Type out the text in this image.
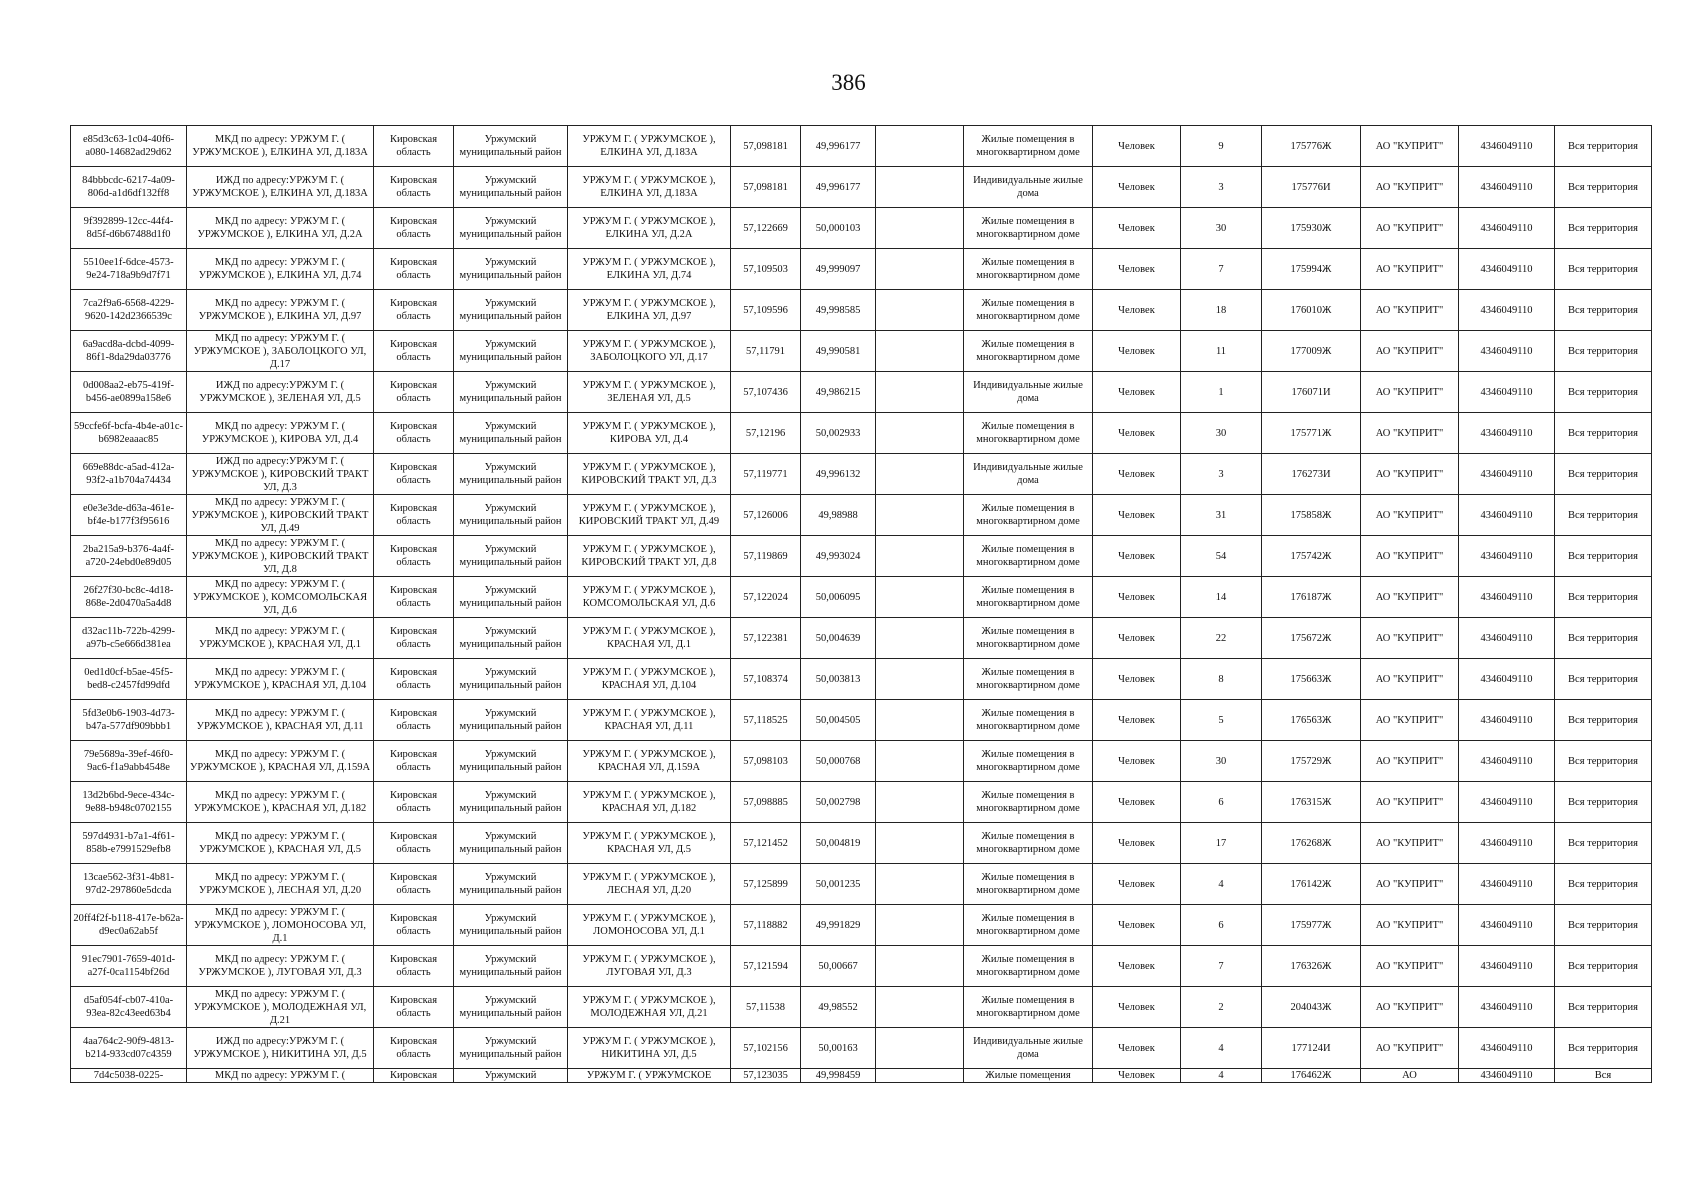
386
e85d3c63-1c04-40f6-a080-14682ad29d62	МКД по адресу: УРЖУМ Г. ( УРЖУМСКОЕ ), ЕЛКИНА УЛ, Д.183А	Кировская область	Уржумский муниципальный район	УРЖУМ Г. ( УРЖУМСКОЕ ), ЕЛКИНА УЛ, Д.183А	57,098181	49,996177		Жилые помещения в многоквартирном доме	Человек	9	175776Ж	АО "КУПРИТ"	4346049110	Вся территория
84bbbcdc-6217-4a09-806d-a1d6df132ff8	ИЖД по адресу:УРЖУМ Г. ( УРЖУМСКОЕ ), ЕЛКИНА УЛ, Д.183А	Кировская область	Уржумский муниципальный район	УРЖУМ Г. ( УРЖУМСКОЕ ), ЕЛКИНА УЛ, Д.183А	57,098181	49,996177		Индивидуальные жилые дома	Человек	3	175776И	АО "КУПРИТ"	4346049110	Вся территория
9f392899-12cc-44f4-8d5f-d6b67488d1f0	МКД по адресу: УРЖУМ Г. ( УРЖУМСКОЕ ), ЕЛКИНА УЛ, Д.2А	Кировская область	Уржумский муниципальный район	УРЖУМ Г. ( УРЖУМСКОЕ ), ЕЛКИНА УЛ, Д.2А	57,122669	50,000103		Жилые помещения в многоквартирном доме	Человек	30	175930Ж	АО "КУПРИТ"	4346049110	Вся территория
5510ee1f-6dce-4573-9e24-718a9b9d7f71	МКД по адресу: УРЖУМ Г. ( УРЖУМСКОЕ ), ЕЛКИНА УЛ, Д.74	Кировская область	Уржумский муниципальный район	УРЖУМ Г. ( УРЖУМСКОЕ ), ЕЛКИНА УЛ, Д.74	57,109503	49,999097		Жилые помещения в многоквартирном доме	Человек	7	175994Ж	АО "КУПРИТ"	4346049110	Вся территория
7ca2f9a6-6568-4229-9620-142d2366539c	МКД по адресу: УРЖУМ Г. ( УРЖУМСКОЕ ), ЕЛКИНА УЛ, Д.97	Кировская область	Уржумский муниципальный район	УРЖУМ Г. ( УРЖУМСКОЕ ), ЕЛКИНА УЛ, Д.97	57,109596	49,998585		Жилые помещения в многоквартирном доме	Человек	18	176010Ж	АО "КУПРИТ"	4346049110	Вся территория
6a9acd8a-dcbd-4099-86f1-8da29da03776	МКД по адресу: УРЖУМ Г. ( УРЖУМСКОЕ ), ЗАБОЛОЦКОГО УЛ, Д.17	Кировская область	Уржумский муниципальный район	УРЖУМ Г. ( УРЖУМСКОЕ ), ЗАБОЛОЦКОГО УЛ, Д.17	57,11791	49,990581		Жилые помещения в многоквартирном доме	Человек	11	177009Ж	АО "КУПРИТ"	4346049110	Вся территория
0d008aa2-eb75-419f-b456-ae0899a158e6	ИЖД по адресу:УРЖУМ Г. ( УРЖУМСКОЕ ), ЗЕЛЕНАЯ УЛ, Д.5	Кировская область	Уржумский муниципальный район	УРЖУМ Г. ( УРЖУМСКОЕ ), ЗЕЛЕНАЯ УЛ, Д.5	57,107436	49,986215		Индивидуальные жилые дома	Человек	1	176071И	АО "КУПРИТ"	4346049110	Вся территория
59ccfe6f-bcfa-4b4e-a01c-b6982eaaac85	МКД по адресу: УРЖУМ Г. ( УРЖУМСКОЕ ), КИРОВА УЛ, Д.4	Кировская область	Уржумский муниципальный район	УРЖУМ Г. ( УРЖУМСКОЕ ), КИРОВА УЛ, Д.4	57,12196	50,002933		Жилые помещения в многоквартирном доме	Человек	30	175771Ж	АО "КУПРИТ"	4346049110	Вся территория
669e88dc-a5ad-412a-93f2-a1b704a74434	ИЖД по адресу:УРЖУМ Г. ( УРЖУМСКОЕ ), КИРОВСКИЙ ТРАКТ УЛ, Д.3	Кировская область	Уржумский муниципальный район	УРЖУМ Г. ( УРЖУМСКОЕ ), КИРОВСКИЙ ТРАКТ УЛ, Д.3	57,119771	49,996132		Индивидуальные жилые дома	Человек	3	176273И	АО "КУПРИТ"	4346049110	Вся территория
e0e3e3de-d63a-461e-bf4e-b177f3f95616	МКД по адресу: УРЖУМ Г. ( УРЖУМСКОЕ ), КИРОВСКИЙ ТРАКТ УЛ, Д.49	Кировская область	Уржумский муниципальный район	УРЖУМ Г. ( УРЖУМСКОЕ ), КИРОВСКИЙ ТРАКТ УЛ, Д.49	57,126006	49,98988		Жилые помещения в многоквартирном доме	Человек	31	175858Ж	АО "КУПРИТ"	4346049110	Вся территория
2ba215a9-b376-4a4f-a720-24ebd0e89d05	МКД по адресу: УРЖУМ Г. ( УРЖУМСКОЕ ), КИРОВСКИЙ ТРАКТ УЛ, Д.8	Кировская область	Уржумский муниципальный район	УРЖУМ Г. ( УРЖУМСКОЕ ), КИРОВСКИЙ ТРАКТ УЛ, Д.8	57,119869	49,993024		Жилые помещения в многоквартирном доме	Человек	54	175742Ж	АО "КУПРИТ"	4346049110	Вся территория
26f27f30-bc8c-4d18-868e-2d0470a5a4d8	МКД по адресу: УРЖУМ Г. ( УРЖУМСКОЕ ), КОМСОМОЛЬСКАЯ УЛ, Д.6	Кировская область	Уржумский муниципальный район	УРЖУМ Г. ( УРЖУМСКОЕ ), КОМСОМОЛЬСКАЯ УЛ, Д.6	57,122024	50,006095		Жилые помещения в многоквартирном доме	Человек	14	176187Ж	АО "КУПРИТ"	4346049110	Вся территория
d32ac11b-722b-4299-a97b-c5e666d381ea	МКД по адресу: УРЖУМ Г. ( УРЖУМСКОЕ ), КРАСНАЯ УЛ, Д.1	Кировская область	Уржумский муниципальный район	УРЖУМ Г. ( УРЖУМСКОЕ ), КРАСНАЯ УЛ, Д.1	57,122381	50,004639		Жилые помещения в многоквартирном доме	Человек	22	175672Ж	АО "КУПРИТ"	4346049110	Вся территория
0ed1d0cf-b5ae-45f5-bed8-c2457fd99dfd	МКД по адресу: УРЖУМ Г. ( УРЖУМСКОЕ ), КРАСНАЯ УЛ, Д.104	Кировская область	Уржумский муниципальный район	УРЖУМ Г. ( УРЖУМСКОЕ ), КРАСНАЯ УЛ, Д.104	57,108374	50,003813		Жилые помещения в многоквартирном доме	Человек	8	175663Ж	АО "КУПРИТ"	4346049110	Вся территория
5fd3e0b6-1903-4d73-b47a-577df909bbb1	МКД по адресу: УРЖУМ Г. ( УРЖУМСКОЕ ), КРАСНАЯ УЛ, Д.11	Кировская область	Уржумский муниципальный район	УРЖУМ Г. ( УРЖУМСКОЕ ), КРАСНАЯ УЛ, Д.11	57,118525	50,004505		Жилые помещения в многоквартирном доме	Человек	5	176563Ж	АО "КУПРИТ"	4346049110	Вся территория
79e5689a-39ef-46f0-9ac6-f1a9abb4548e	МКД по адресу: УРЖУМ Г. ( УРЖУМСКОЕ ), КРАСНАЯ УЛ, Д.159А	Кировская область	Уржумский муниципальный район	УРЖУМ Г. ( УРЖУМСКОЕ ), КРАСНАЯ УЛ, Д.159А	57,098103	50,000768		Жилые помещения в многоквартирном доме	Человек	30	175729Ж	АО "КУПРИТ"	4346049110	Вся территория
13d2b6bd-9ece-434c-9e88-b948c0702155	МКД по адресу: УРЖУМ Г. ( УРЖУМСКОЕ ), КРАСНАЯ УЛ, Д.182	Кировская область	Уржумский муниципальный район	УРЖУМ Г. ( УРЖУМСКОЕ ), КРАСНАЯ УЛ, Д.182	57,098885	50,002798		Жилые помещения в многоквартирном доме	Человек	6	176315Ж	АО "КУПРИТ"	4346049110	Вся территория
597d4931-b7a1-4f61-858b-e7991529efb8	МКД по адресу: УРЖУМ Г. ( УРЖУМСКОЕ ), КРАСНАЯ УЛ, Д.5	Кировская область	Уржумский муниципальный район	УРЖУМ Г. ( УРЖУМСКОЕ ), КРАСНАЯ УЛ, Д.5	57,121452	50,004819		Жилые помещения в многоквартирном доме	Человек	17	176268Ж	АО "КУПРИТ"	4346049110	Вся территория
13cae562-3f31-4b81-97d2-297860e5dcda	МКД по адресу: УРЖУМ Г. ( УРЖУМСКОЕ ), ЛЕСНАЯ УЛ, Д.20	Кировская область	Уржумский муниципальный район	УРЖУМ Г. ( УРЖУМСКОЕ ), ЛЕСНАЯ УЛ, Д.20	57,125899	50,001235		Жилые помещения в многоквартирном доме	Человек	4	176142Ж	АО "КУПРИТ"	4346049110	Вся территория
20ff4f2f-b118-417e-b62a-d9ec0a62ab5f	МКД по адресу: УРЖУМ Г. ( УРЖУМСКОЕ ), ЛОМОНОСОВА УЛ, Д.1	Кировская область	Уржумский муниципальный район	УРЖУМ Г. ( УРЖУМСКОЕ ), ЛОМОНОСОВА УЛ, Д.1	57,118882	49,991829		Жилые помещения в многоквартирном доме	Человек	6	175977Ж	АО "КУПРИТ"	4346049110	Вся территория
91ec7901-7659-401d-a27f-0ca1154bf26d	МКД по адресу: УРЖУМ Г. ( УРЖУМСКОЕ ), ЛУГОВАЯ УЛ, Д.3	Кировская область	Уржумский муниципальный район	УРЖУМ Г. ( УРЖУМСКОЕ ), ЛУГОВАЯ УЛ, Д.3	57,121594	50,00667		Жилые помещения в многоквартирном доме	Человек	7	176326Ж	АО "КУПРИТ"	4346049110	Вся территория
d5af054f-cb07-410a-93ea-82c43eed63b4	МКД по адресу: УРЖУМ Г. ( УРЖУМСКОЕ ), МОЛОДЕЖНАЯ УЛ, Д.21	Кировская область	Уржумский муниципальный район	УРЖУМ Г. ( УРЖУМСКОЕ ), МОЛОДЕЖНАЯ УЛ, Д.21	57,11538	49,98552		Жилые помещения в многоквартирном доме	Человек	2	204043Ж	АО "КУПРИТ"	4346049110	Вся территория
4aa764c2-90f9-4813-b214-933cd07c4359	ИЖД по адресу:УРЖУМ Г. ( УРЖУМСКОЕ ), НИКИТИНА УЛ, Д.5	Кировская область	Уржумский муниципальный район	УРЖУМ Г. ( УРЖУМСКОЕ ), НИКИТИНА УЛ, Д.5	57,102156	50,00163		Индивидуальные жилые дома	Человек	4	177124И	АО "КУПРИТ"	4346049110	Вся территория
7d4c5038-0225-	МКД по адресу: УРЖУМ Г. (	Кировская	Уржумский	УРЖУМ Г. ( УРЖУМСКОЕ	57,123035	49,998459		Жилые помещения	Человек	4	176462Ж	АО	4346049110	Вся
